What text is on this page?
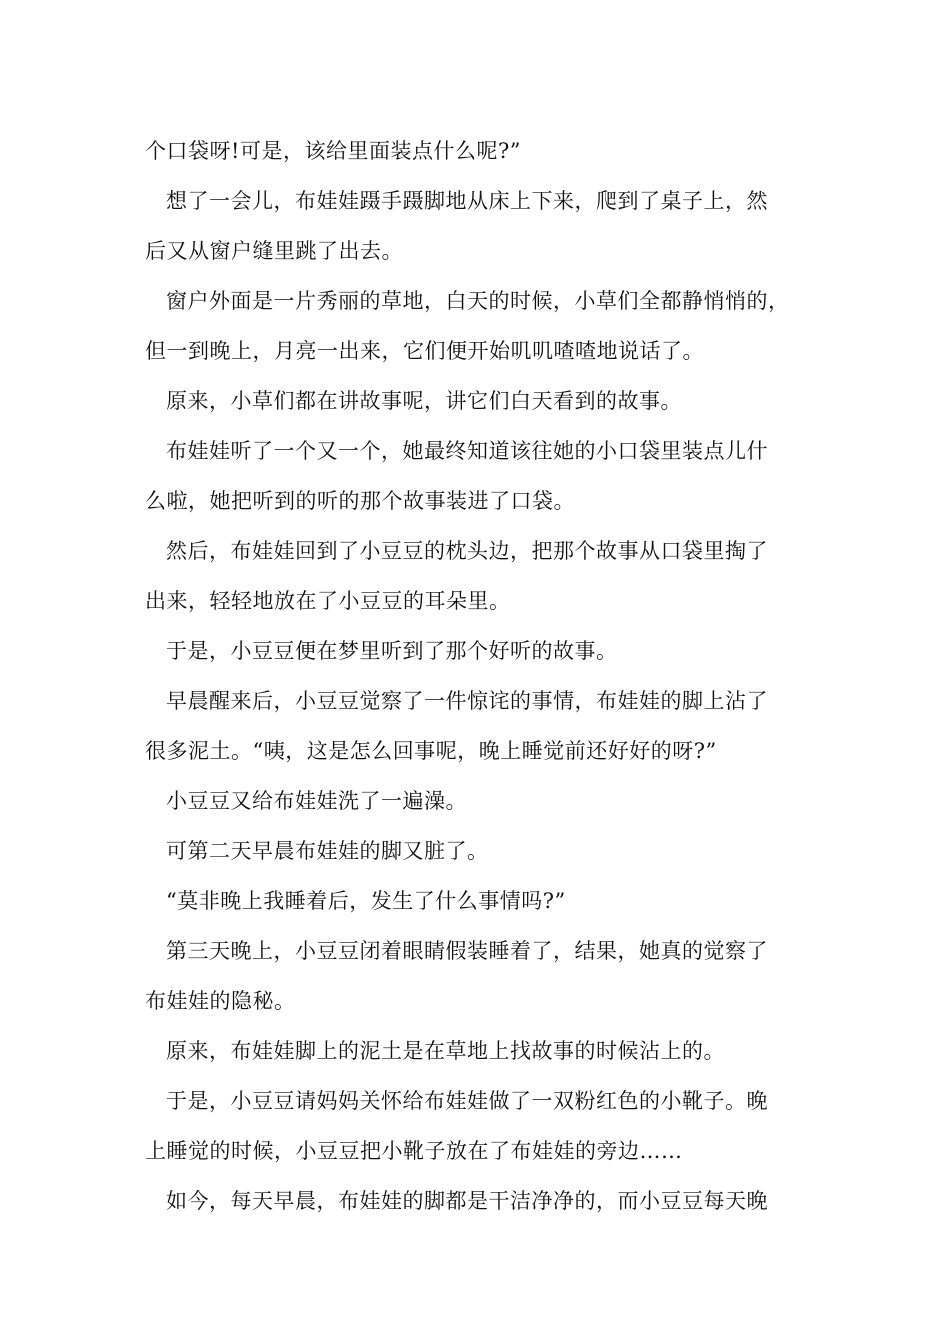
个口袋呀!可是，该给里面装点什么呢?”
想了一会儿，布娃娃蹑手蹑脚地从床上下来，爬到了桌子上，然
后又从窗户缝里跳了出去。
窗户外面是一片秀丽的草地，白天的时候，小草们全都静悄悄的，
但一到晚上，月亮一出来，它们便开始叽叽喳喳地说话了。
原来，小草们都在讲故事呢，讲它们白天看到的故事。
布娃娃听了一个又一个，她最终知道该往她的小口袋里装点儿什
么啦，她把听到的听的那个故事装进了口袋。
然后，布娃娃回到了小豆豆的枕头边，把那个故事从口袋里掏了
出来，轻轻地放在了小豆豆的耳朵里。
于是，小豆豆便在梦里听到了那个好听的故事。
早晨醒来后，小豆豆觉察了一件惊诧的事情，布娃娃的脚上沾了
很多泥土。“咦，这是怎么回事呢，晚上睡觉前还好好的呀?”
小豆豆又给布娃娃洗了一遍澡。
可第二天早晨布娃娃的脚又脏了。
“莫非晚上我睡着后，发生了什么事情吗?”
第三天晚上，小豆豆闭着眼睛假装睡着了，结果，她真的觉察了
布娃娃的隐秘。
原来，布娃娃脚上的泥土是在草地上找故事的时候沾上的。
于是，小豆豆请妈妈关怀给布娃娃做了一双粉红色的小靴子。晚
上睡觉的时候，小豆豆把小靴子放在了布娃娃的旁边……
如今，每天早晨，布娃娃的脚都是干洁净净的，而小豆豆每天晚
